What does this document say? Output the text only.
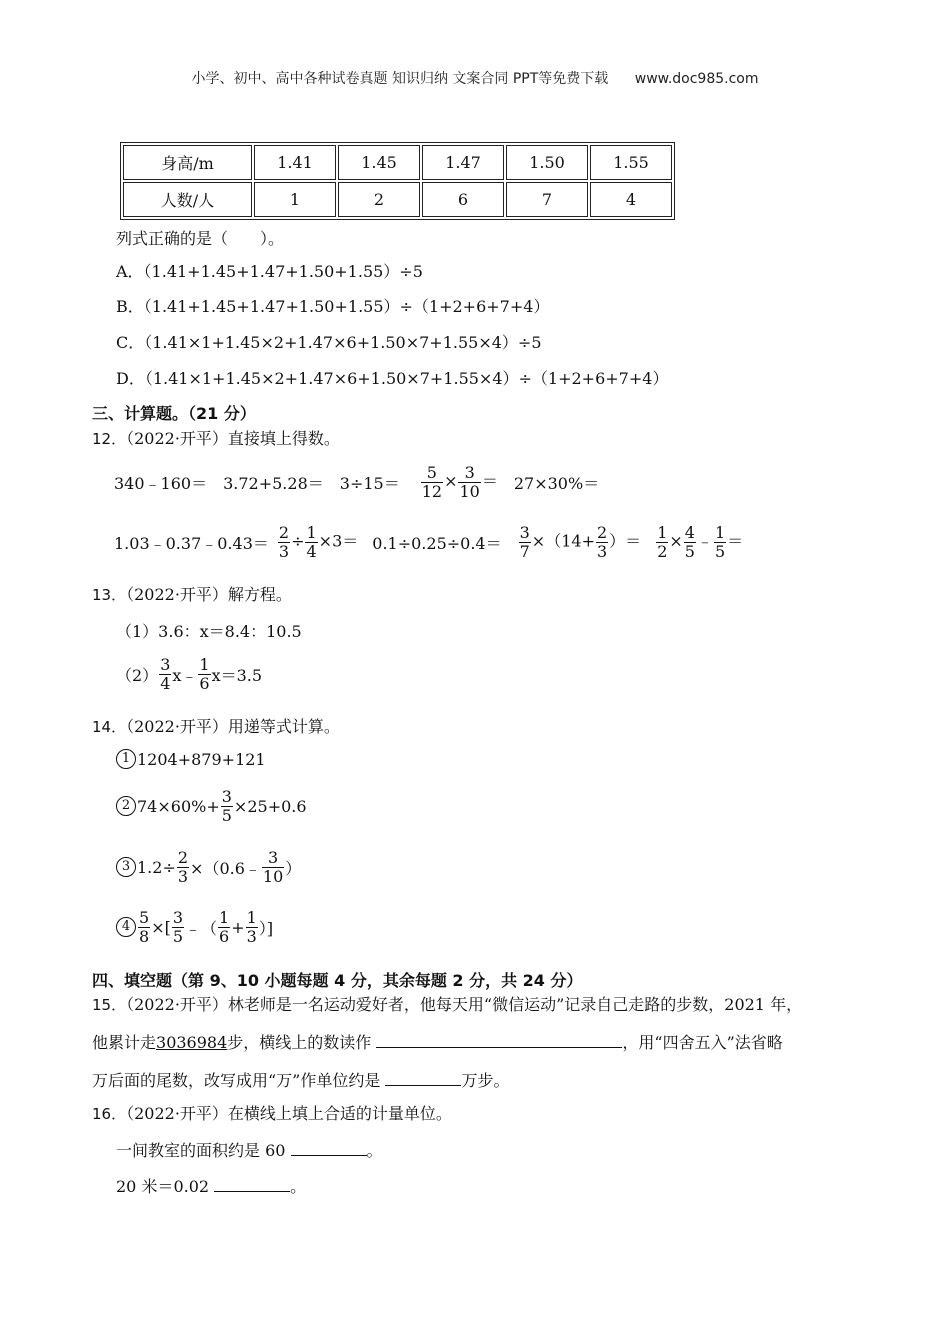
小学、初中、高中各种试卷真题 知识归纳 文案合同 PPT等免费下载 www.doc985.com
身高/m	1.41	1.45	1.47	1.50	1.55
人数/人	1	2	6	7	4
列式正确的是（　　）。
A．（1.41+1.45+1.47+1.50+1.55）÷5
B．（1.41+1.45+1.47+1.50+1.55）÷（1+2+6+7+4）
C．（1.41×1+1.45×2+1.47×6+1.50×7+1.55×4）÷5
D．（1.41×1+1.45×2+1.47×6+1.50×7+1.55×4）÷（1+2+6+7+4）
三、计算题。（21 分）
12．（2022·开平）直接填上得数。
340﹣160＝ $3.72+5.28= 3\div 15= \frac{5}{12} \times \frac{3}{10} = 27\times 30\%=$
1.03﹣0.37﹣0.43＝ $\frac{2}{3} \div \frac{1}{4} \times 3= 0.1\div 0.25\div 0.4= \frac{3}{7} \times(14+ \frac{2}{3}$ ）＝ $\frac{1}{2} \times \frac{4}{5}$ ﹣ $\frac{1}{5}$ ＝
13．（2022·开平）解方程。
（1）3.6：x＝8.4：10.5
$(2) \frac{3}{4}$ x﹣ $\frac{1}{6} x=3.5$
14．（2022·开平）用递等式计算。
1 1204+879+121
2 $74\times 60\%+ \frac{3}{5} \times 25+0.6$
3 $1.2\div \frac{2}{3}$ ×（0.6﹣ $\frac{3}{10}$ ）
$4 \frac{5}{8}$ ×[ $\frac{3}{5}$ ﹣（ $\frac{1}{6} + \frac{1}{3}$ ）]
四、填空题（第 9、10 小题每题 4 分，其余每题 2 分，共 24 分）
15．（2022·开平）林老师是一名运动爱好者，他每天用“微信运动”记录自己走路的步数，2021 年，
他累计走3036984步，横线上的数读作	，用“四舍五入”法省略
万后面的尾数，改写成用“万”作单位约是	万步。
16．（2022·开平）在横线上填上合适的计量单位。
一间教室的面积约是 60	。
20 米＝0.02	。
